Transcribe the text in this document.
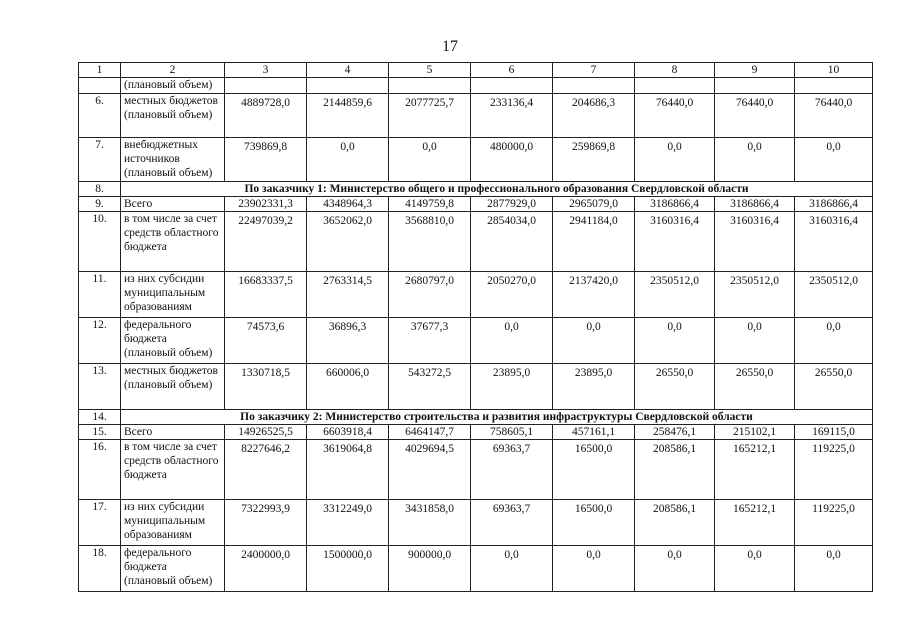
17
1	2	3	4	5	6	7	8	9	10
	(плановый объем)								
6.	местных бюджетов (плановый объем)	4889728,0	2144859,6	2077725,7	233136,4	204686,3	76440,0	76440,0	76440,0
7.	внебюджетных источников (плановый объем)	739869,8	0,0	0,0	480000,0	259869,8	0,0	0,0	0,0
8.	По заказчику 1: Министерство общего и профессионального образования Свердловской области								
9.	Всего	23902331,3	4348964,3	4149759,8	2877929,0	2965079,0	3186866,4	3186866,4	3186866,4
10.	в том числе за счет средств областного бюджета	22497039,2	3652062,0	3568810,0	2854034,0	2941184,0	3160316,4	3160316,4	3160316,4
11.	из них субсидии муниципальным образованиям	16683337,5	2763314,5	2680797,0	2050270,0	2137420,0	2350512,0	2350512,0	2350512,0
12.	федерального бюджета (плановый объем)	74573,6	36896,3	37677,3	0,0	0,0	0,0	0,0	0,0
13.	местных бюджетов (плановый объем)	1330718,5	660006,0	543272,5	23895,0	23895,0	26550,0	26550,0	26550,0
14.	По заказчику 2: Министерство строительства и развития инфраструктуры Свердловской области								
15.	Всего	14926525,5	6603918,4	6464147,7	758605,1	457161,1	258476,1	215102,1	169115,0
16.	в том числе за счет средств областного бюджета	8227646,2	3619064,8	4029694,5	69363,7	16500,0	208586,1	165212,1	119225,0
17.	из них субсидии муниципальным образованиям	7322993,9	3312249,0	3431858,0	69363,7	16500,0	208586,1	165212,1	119225,0
18.	федерального бюджета (плановый объем)	2400000,0	1500000,0	900000,0	0,0	0,0	0,0	0,0	0,0
